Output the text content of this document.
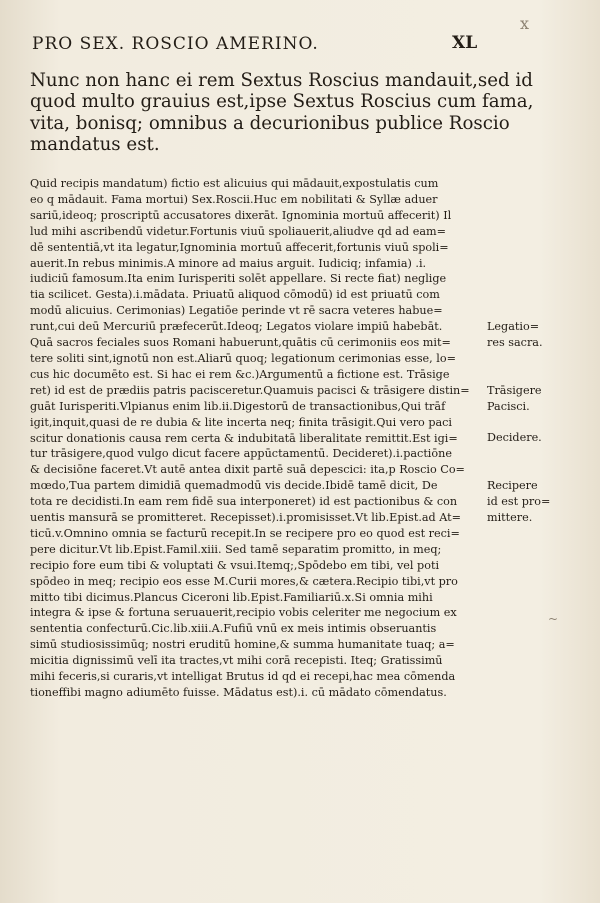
x
PRO SEX. ROSCIO AMERINO.	XL
Nunc non hanc ei rem Sextus Roscius mandauit,sed id
quod multo grauius est,ipse Sextus Roscius cum fama,
vita, bonisq; omnibus a decurionibus publice Roscio
mandatus est.
Quid recipis mandatum) fictio est alicuius qui mādauit,expostulatis cum
eo q mādauit. Fama mortui) Sex.Roscii.Huc em nobilitati & Syllæ aduer
sariū,ideoq; proscriptū accusatores dixerāt. Ignominia mortuū affecerit) Il
lud mihi ascribendū videtur.Fortunis viuū spoliauerit,aliudve qd ad eam=
dē sententiā,vt ita legatur,Ignominia mortuū affecerit,fortunis viuū spoli=
auerit.In rebus minimis.A minore ad maius arguit. Iudiciq; infamia) .i.
iudiciū famosum.Ita enim Iurisperiti solēt appellare. Si recte fiat) neglige
tia scilicet. Gesta).i.mādata. Priuatū aliquod cōmodū) id est priuatū com
modū alicuius. Cerimonias) Legatiōe perinde vt rē sacra veteres habue=
runt,cui deū Mercuriū præfecerūt.Ideoq; Legatos violare impiū habebāt.
Quā sacros feciales suos Romani habuerunt,quātis cū cerimoniis eos mit=
tere soliti sint,ignotū non est.Aliarū quoq; legationum cerimonias esse, lo=
cus hic documēto est. Si hac ei rem &c.)Argumentū a fictione est. Trāsige
ret) id est de prædiis patris pacisceretur.Quamuis pacisci & trāsigere distin=
guāt Iurisperiti.Vlpianus enim lib.ii.Digestorū de transactionibus,Qui trāf
igit,inquit,quasi de re dubia & lite incerta neq; finita trāsigit.Qui vero paci
scitur donationis causa rem certa & indubitatā liberalitate remittit.Est igi=
tur trāsigere,quod vulgo dicut facere appūctamentū. Decideret).i.pactiōne
& decisiōne faceret.Vt autē antea dixit partē suā depescici: ita,p Roscio Co=
mœdo,Tua partem dimidiā quemadmodū vis decide.Ibidē tamē dicit, De
tota re decidisti.In eam rem fidē sua interponeret) id est pactionibus & con
uentis mansurā se promitteret. Recepisset).i.promisisset.Vt lib.Epist.ad At=
ticū.v.Omnino omnia se facturū recepit.In se recipere pro eo quod est reci=
pere dicitur.Vt lib.Epist.Famil.xiii. Sed tamē separatim promitto, in meq;
recipio fore eum tibi & voluptati & vsui.Itemq;,Spōdebo em tibi, vel poti
spōdeo in meq; recipio eos esse M.Curii mores,& cætera.Recipio tibi,vt pro
mitto tibi dicimus.Plancus Ciceroni lib.Epist.Familiariū.x.Si omnia mihi
integra & ipse & fortuna seruauerit,recipio vobis celeriter me negocium ex
sententia confecturū.Cic.lib.xiii.A.Fufiū vnū ex meis intimis obseruantis
simū studiosissimūq; nostri eruditū homine,& summa humanitate tuaq; a=
micitia dignissimū velī ita tractes,vt mihi corā recepisti. Iteq; Gratissimū
mihi feceris,si curaris,vt intelligat Brutus id qd ei recepi,hac mea cōmenda
tioneffibi magno adiumēto fuisse. Mādatus est).i. cū mādato cōmendatus.
Legatio=
res sacra.
Trāsigere
Pacisci.
Decidere.
Recipere
id est pro=
mittere.
~
